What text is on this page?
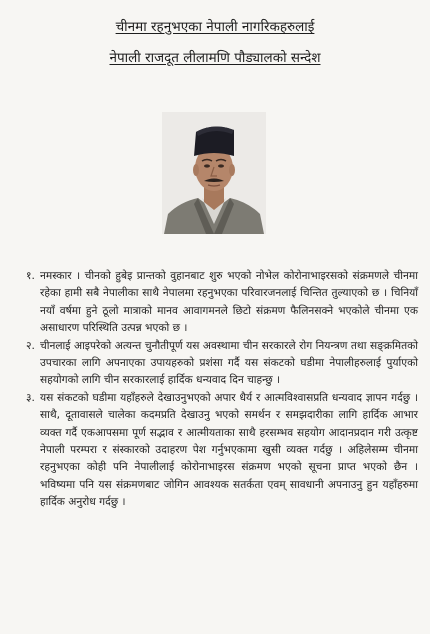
चीनमा रहनुभएका नेपाली नागरिकहरुलाई
नेपाली राजदूत लीलामणि पौड्यालको सन्देश

१. नमस्कार । चीनको हुबेइ प्रान्तको वुहानबाट शुरु भएको नोभेल कोरोनाभाइरसको संक्रमणले चीनमा रहेका हामी सबै नेपालीका साथै नेपालमा रहनुभएका परिवारजनलाई चिन्तित तुल्याएको छ । चिनियाँ नयाँ वर्षमा हुने ठूलो मात्राको मानव आवागमनले छिटो संक्रमण फैलिनसक्ने भएकोले चीनमा एक असाधारण परिस्थिति उत्पन्न भएको छ ।

२. चीनलाई आइपरेको अत्यन्त चुनौतीपूर्ण यस अवस्थामा चीन सरकारले रोग नियन्त्रण तथा सङ्क्रमितको उपचारका लागि अपनाएका उपायहरुको प्रशंसा गर्दै यस संकटको घडीमा नेपालीहरुलाई पुर्याएको सहयोगको लागि चीन सरकारलाई हार्दिक धन्यवाद दिन चाहन्छु ।

३. यस संकटको घडीमा यहाँहरुले देखाउनुभएको अपार धैर्य र आत्मविश्वासप्रति धन्यवाद ज्ञापन गर्दछु । साथै, दूतावासले चालेका कदमप्रति देखाउनु भएको समर्थन र समझदारीका लागि हार्दिक आभार व्यक्त गर्दै एकआपसमा पूर्ण सद्भाव र आत्मीयताका साथै हरसम्भव सहयोग आदानप्रदान गरी उत्कृष्ट नेपाली परम्परा र संस्कारको उदाहरण पेश गर्नुभएकामा खुसी व्यक्त गर्दछु । अहिलेसम्म चीनमा रहनुभएका कोही पनि नेपालीलाई कोरोनाभाइरस संक्रमण भएको सूचना प्राप्त भएको छैन । भविष्यमा पनि यस संक्रमणबाट जोगिन आवश्यक सतर्कता एवम् सावधानी अपनाउनु हुन यहाँहरुमा हार्दिक अनुरोध गर्दछु ।
